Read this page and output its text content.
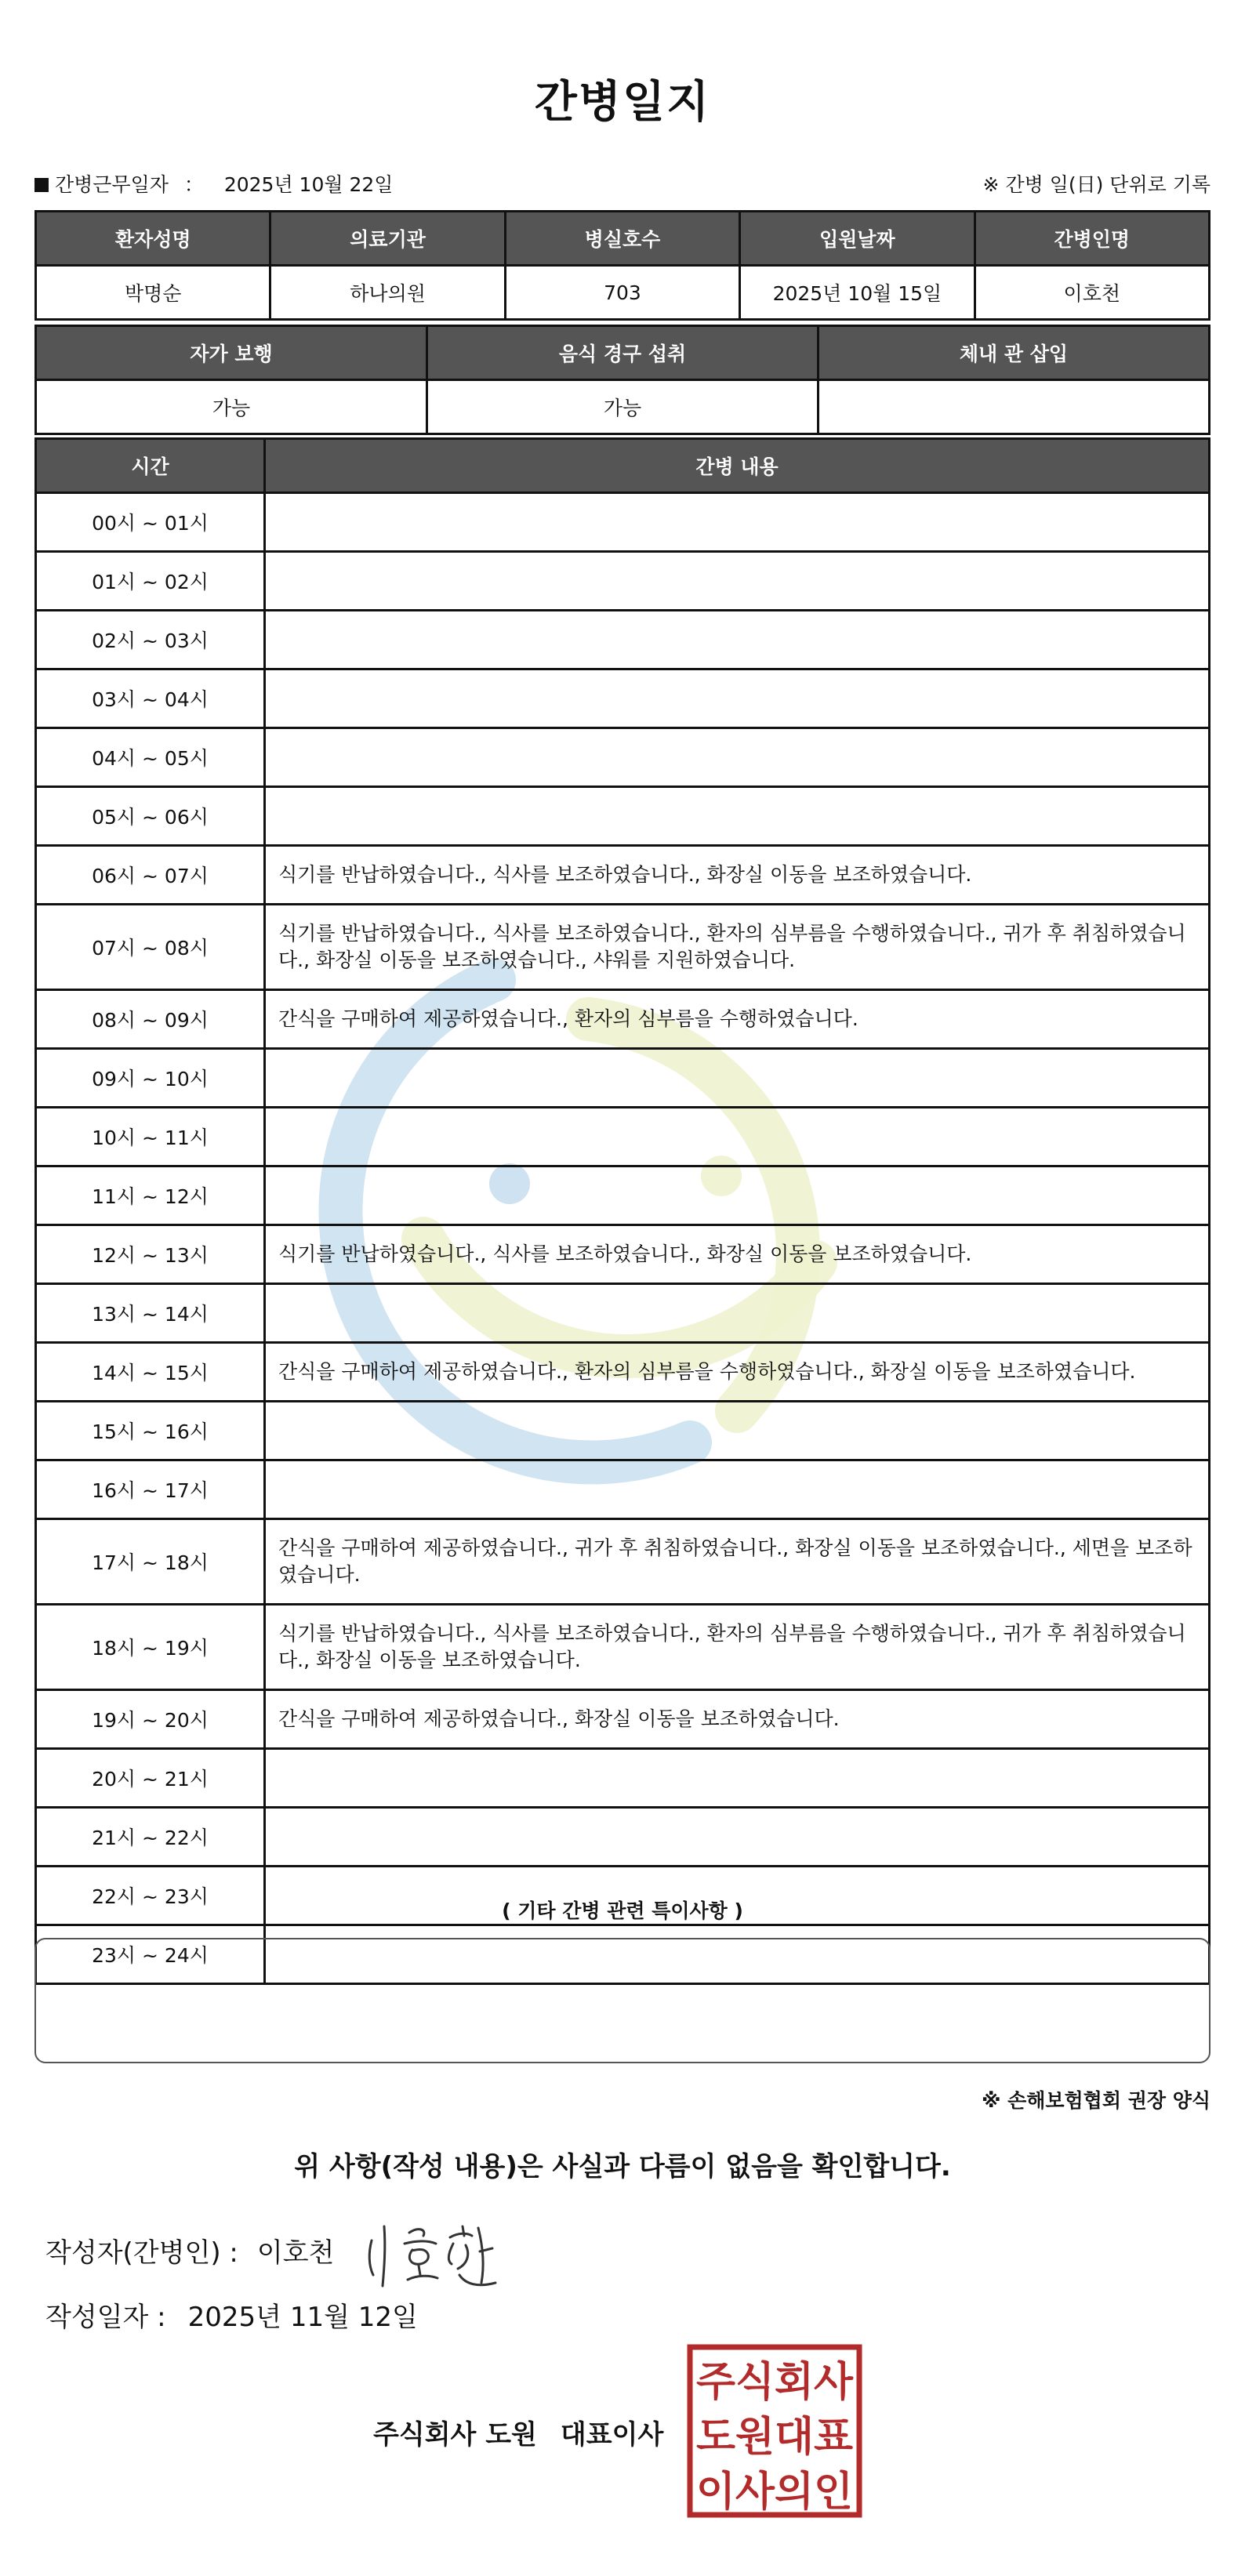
간병일지
간병근무일자 ： 2025년 10월 22일	※ 간병 일(日) 단위로 기록
환자성명	의료기관	병실호수	입원날짜	간병인명
박명순	하나의원	703	2025년 10월 15일	이호천
자가 보행	음식 경구 섭취	체내 관 삽입
가능	가능	
시간	간병 내용
00시 ~ 01시	
01시 ~ 02시	
02시 ~ 03시	
03시 ~ 04시	
04시 ~ 05시	
05시 ~ 06시	
06시 ~ 07시	식기를 반납하였습니다., 식사를 보조하였습니다., 화장실 이동을 보조하였습니다.
07시 ~ 08시	식기를 반납하였습니다., 식사를 보조하였습니다., 환자의 심부름을 수행하였습니다., 귀가 후 취침하였습니다., 화장실 이동을 보조하였습니다., 샤워를 지원하였습니다.
08시 ~ 09시	간식을 구매하여 제공하였습니다., 환자의 심부름을 수행하였습니다.
09시 ~ 10시	
10시 ~ 11시	
11시 ~ 12시	
12시 ~ 13시	식기를 반납하였습니다., 식사를 보조하였습니다., 화장실 이동을 보조하였습니다.
13시 ~ 14시	
14시 ~ 15시	간식을 구매하여 제공하였습니다., 환자의 심부름을 수행하였습니다., 화장실 이동을 보조하였습니다.
15시 ~ 16시	
16시 ~ 17시	
17시 ~ 18시	간식을 구매하여 제공하였습니다., 귀가 후 취침하였습니다., 화장실 이동을 보조하였습니다., 세면을 보조하였습니다.
18시 ~ 19시	식기를 반납하였습니다., 식사를 보조하였습니다., 환자의 심부름을 수행하였습니다., 귀가 후 취침하였습니다., 화장실 이동을 보조하였습니다.
19시 ~ 20시	간식을 구매하여 제공하였습니다., 화장실 이동을 보조하였습니다.
20시 ~ 21시	
21시 ~ 22시	
22시 ~ 23시	
23시 ~ 24시	
( 기타 간병 관련 특이사항 )
※ 손해보험협회 권장 양식
위 사항(작성 내용)은 사실과 다름이 없음을 확인합니다.
작성자(간병인) : 이호천
작성일자 : 2025년 11월 12일
주식회사 도원 대표이사
주식회사
도원대표
이사의인
